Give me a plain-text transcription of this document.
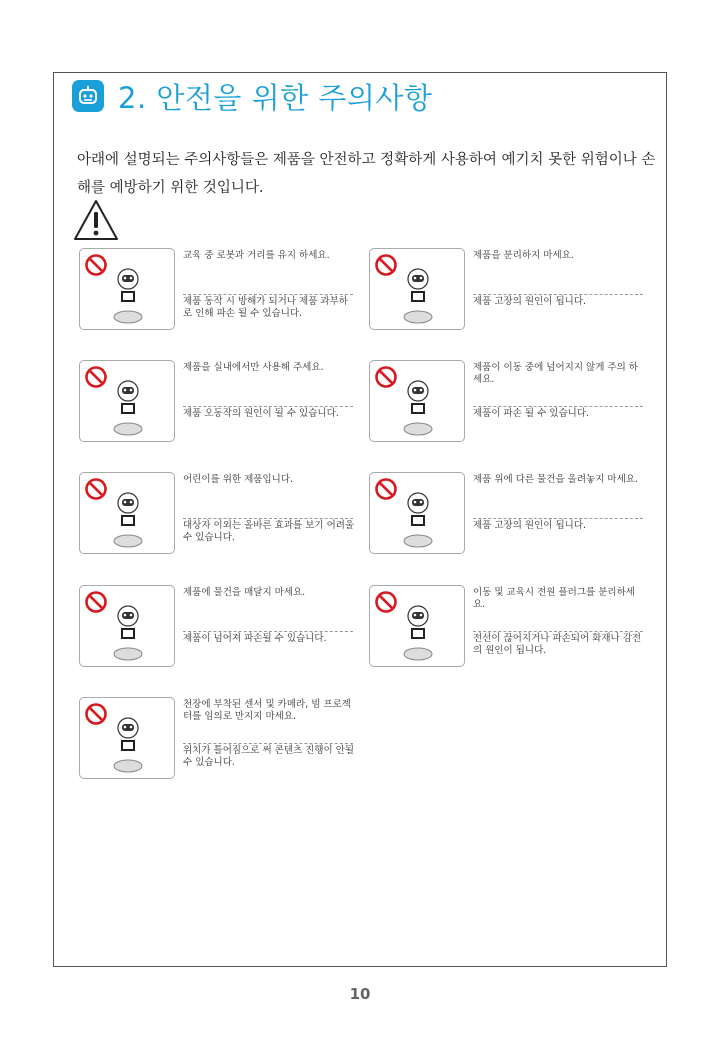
2. 안전을 위한 주의사항
아래에 설명되는 주의사항들은 제품을 안전하고 정확하게 사용하여 예기치 못한 위험이나 손해를 예방하기 위한 것입니다.
교육 중 로봇과 거리를 유지 하세요.
제품 동작 시 방해가 되거나 제품 과부하로 인해 파손 될 수 있습니다.
제품을 분리하지 마세요.
제품 고장의 원인이 됩니다.
제품을 실내에서만 사용해 주세요.
제품 오동작의 원인이 될 수 있습니다.
제품이 이동 중에 넘어지지 않게 주의 하세요.
제품이 파손 될 수 있습니다.
어린이를 위한 제품입니다.
대상자 이외는 올바른 효과를 보기 어려울 수 있습니다.
제품 위에 다른 물건을 올려놓지 마세요.
제품 고장의 원인이 됩니다.
제품에 물건을 매달지 마세요.
제품이 넘어져 파손될 수 있습니다.
이동 및 교육시 전원 플러그를 분리하세요.
전선이 끊어지거나 파손되어 화재나 감전의 원인이 됩니다.
천장에 부착된 센서 및 카메라, 빔 프로젝터를 임의로 만지지 마세요.
위치가 틀어짐으로 써 콘텐츠 진행이 안될 수 있습니다.
10
